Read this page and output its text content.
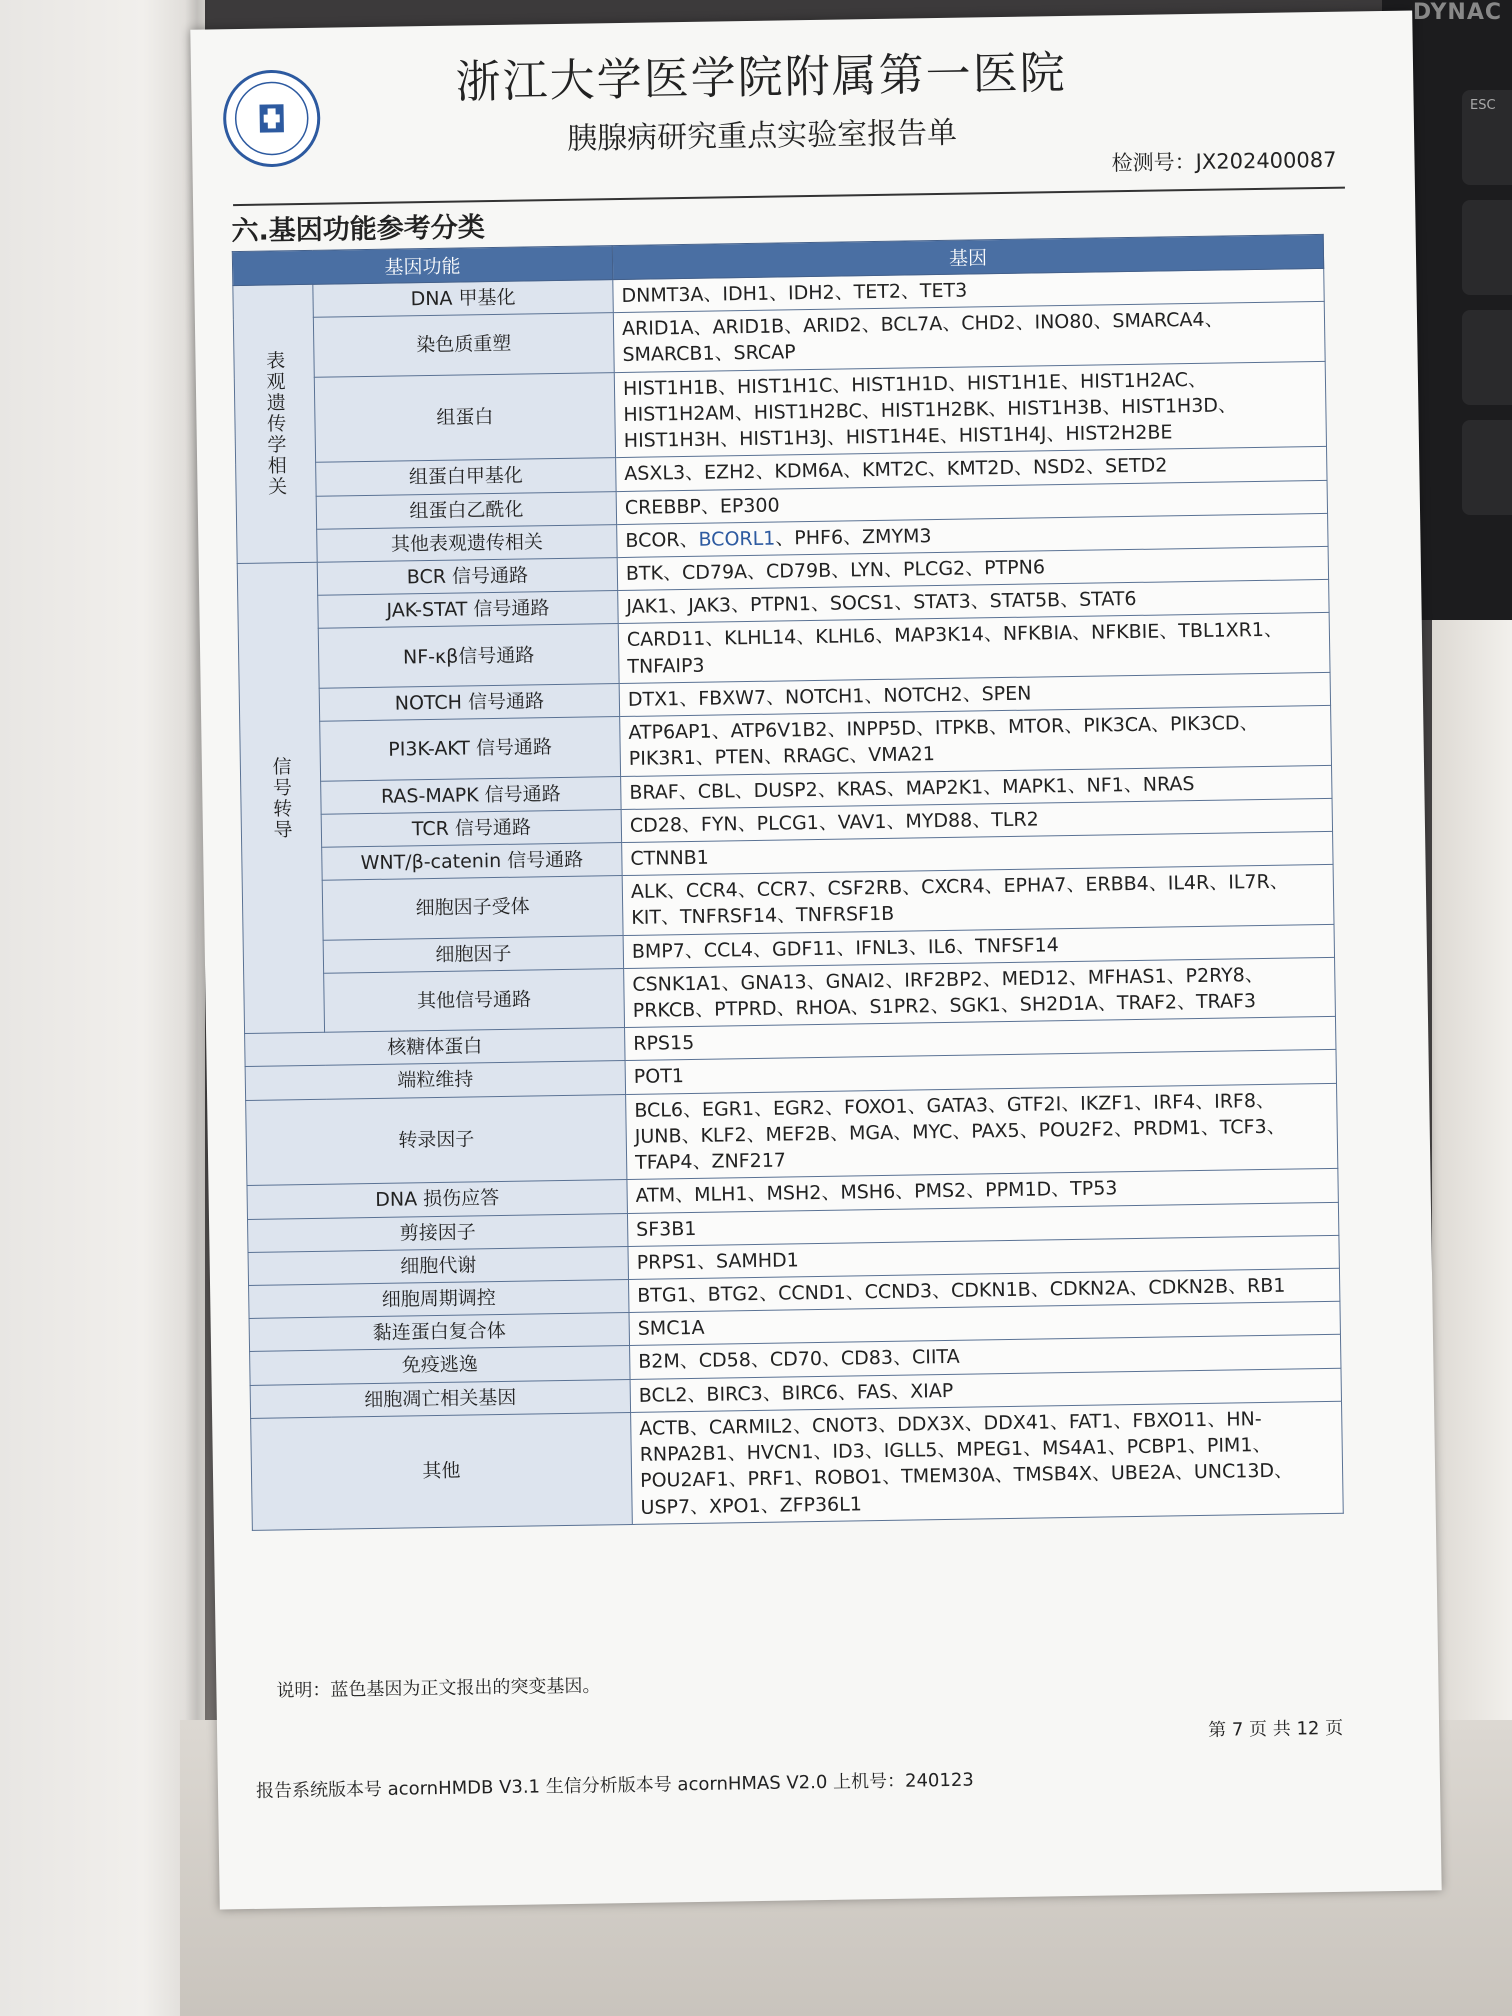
DYNAC
ESC
浙江大学医学院附属第一医院
胰腺病研究重点实验室报告单
检测号：JX202400087
六.基因功能参考分类
基因功能		基因

表观遗传学相关	DNA 甲基化	DNMT3A、IDH1、IDH2、TET2、TET3
	染色质重塑	ARID1A、ARID1B、ARID2、BCL7A、CHD2、INO80、SMARCA4、SMARCB1、SRCAP
	组蛋白	HIST1H1B、HIST1H1C、HIST1H1D、HIST1H1E、HIST1H2AC、HIST1H2AM、HIST1H2BC、HIST1H2BK、HIST1H3B、HIST1H3D、HIST1H3H、HIST1H3J、HIST1H4E、HIST1H4J、HIST2H2BE
	组蛋白甲基化	ASXL3、EZH2、KDM6A、KMT2C、KMT2D、NSD2、SETD2
	组蛋白乙酰化	CREBBP、EP300
	其他表观遗传相关	BCOR、BCORL1、PHF6、ZMYM3

信号转导	BCR 信号通路	BTK、CD79A、CD79B、LYN、PLCG2、PTPN6
	JAK-STAT 信号通路	JAK1、JAK3、PTPN1、SOCS1、STAT3、STAT5B、STAT6
	NF-κβ信号通路	CARD11、KLHL14、KLHL6、MAP3K14、NFKBIA、NFKBIE、TBL1XR1、TNFAIP3
	NOTCH 信号通路	DTX1、FBXW7、NOTCH1、NOTCH2、SPEN
	PI3K-AKT 信号通路	ATP6AP1、ATP6V1B2、INPP5D、ITPKB、MTOR、PIK3CA、PIK3CD、PIK3R1、PTEN、RRAGC、VMA21
	RAS-MAPK 信号通路	BRAF、CBL、DUSP2、KRAS、MAP2K1、MAPK1、NF1、NRAS
	TCR 信号通路	CD28、FYN、PLCG1、VAV1、MYD88、TLR2
	WNT/β-catenin 信号通路	CTNNB1
	细胞因子受体	ALK、CCR4、CCR7、CSF2RB、CXCR4、EPHA7、ERBB4、IL4R、IL7R、KIT、TNFRSF14、TNFRSF1B
	细胞因子	BMP7、CCL4、GDF11、IFNL3、IL6、TNFSF14
	其他信号通路	CSNK1A1、GNA13、GNAI2、IRF2BP2、MED12、MFHAS1、P2RY8、PRKCB、PTPRD、RHOA、S1PR2、SGK1、SH2D1A、TRAF2、TRAF3
核糖体蛋白		RPS15
端粒维持		POT1
转录因子		BCL6、EGR1、EGR2、FOXO1、GATA3、GTF2I、IKZF1、IRF4、IRF8、JUNB、KLF2、MEF2B、MGA、MYC、PAX5、POU2F2、PRDM1、TCF3、TFAP4、ZNF217
DNA 损伤应答		ATM、MLH1、MSH2、MSH6、PMS2、PPM1D、TP53
剪接因子		SF3B1
细胞代谢		PRPS1、SAMHD1
细胞周期调控		BTG1、BTG2、CCND1、CCND3、CDKN1B、CDKN2A、CDKN2B、RB1
黏连蛋白复合体		SMC1A
免疫逃逸		B2M、CD58、CD70、CD83、CIITA
细胞凋亡相关基因		BCL2、BIRC3、BIRC6、FAS、XIAP
其他		ACTB、CARMIL2、CNOT3、DDX3X、DDX41、FAT1、FBXO11、HN-RNPA2B1、HVCN1、ID3、IGLL5、MPEG1、MS4A1、PCBP1、PIM1、POU2AF1、PRF1、ROBO1、TMEM30A、TMSB4X、UBE2A、UNC13D、USP7、XPO1、ZFP36L1
说明：蓝色基因为正文报出的突变基因。
第 7 页 共 12 页
报告系统版本号 acornHMDB V3.1 生信分析版本号 acornHMAS V2.0 上机号：240123
